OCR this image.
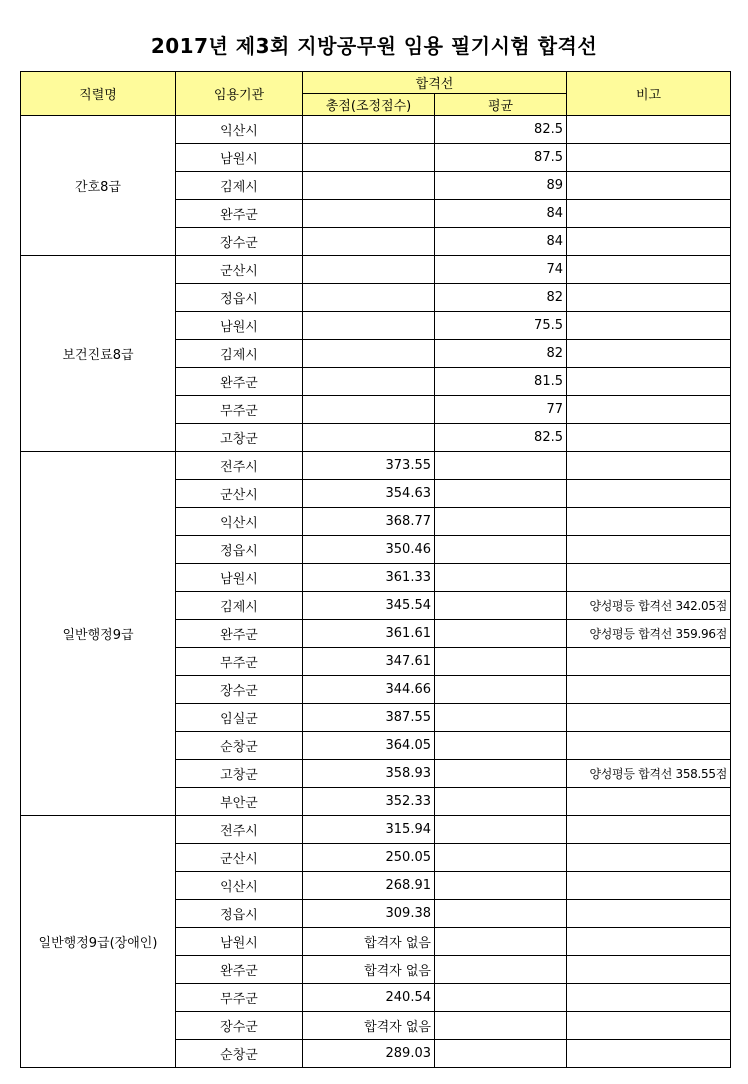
2017년 제3회 지방공무원 임용 필기시험 합격선
직렬명	임용기관	합격선		비고
		총점(조정점수)	평균	
간호8급	익산시		82.5	
	남원시		87.5	
	김제시		89	
	완주군		84	
	장수군		84	
보건진료8급	군산시		74	
	정읍시		82	
	남원시		75.5	
	김제시		82	
	완주군		81.5	
	무주군		77	
	고창군		82.5	
일반행정9급	전주시	373.55		
	군산시	354.63		
	익산시	368.77		
	정읍시	350.46		
	남원시	361.33		
	김제시	345.54		양성평등 합격선 342.05점
	완주군	361.61		양성평등 합격선 359.96점
	무주군	347.61		
	장수군	344.66		
	임실군	387.55		
	순창군	364.05		
	고창군	358.93		양성평등 합격선 358.55점
	부안군	352.33		
일반행정9급(장애인)	전주시	315.94		
	군산시	250.05		
	익산시	268.91		
	정읍시	309.38		
	남원시	합격자 없음		
	완주군	합격자 없음		
	무주군	240.54		
	장수군	합격자 없음		
	순창군	289.03		
